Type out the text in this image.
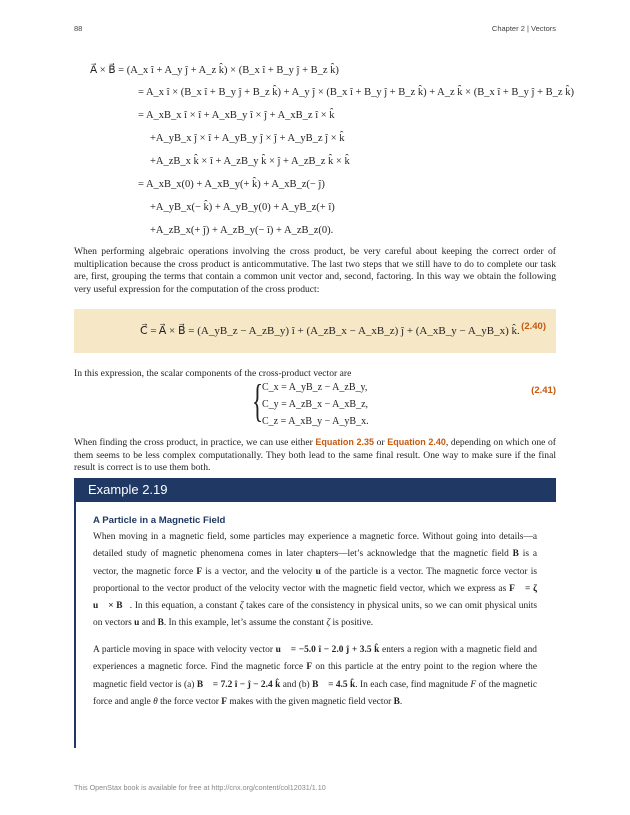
88	Chapter 2 | Vectors
A⃗ × B⃗ = (A_x î + A_y ĵ + A_z k̂) × (B_x î + B_y ĵ + B_z k̂)
= A_x î × (B_x î + B_y ĵ + B_z k̂) + A_y ĵ × (B_x î + B_y ĵ + B_z k̂) + A_z k̂ × (B_x î + B_y ĵ + B_z k̂)
= A_xB_x î × î + A_xB_y î × ĵ + A_xB_z î × k̂
+A_yB_x ĵ × î + A_yB_y ĵ × ĵ + A_yB_z ĵ × k̂
+A_zB_x k̂ × î + A_zB_y k̂ × ĵ + A_zB_z k̂ × k̂
= A_xB_x(0) + A_xB_y(+ k̂) + A_xB_z(− ĵ)
+A_yB_x(− k̂) + A_yB_y(0) + A_yB_z(+ î)
+A_zB_x(+ ĵ) + A_zB_y(− î) + A_zB_z(0).
When performing algebraic operations involving the cross product, be very careful about keeping the correct order of multiplication because the cross product is anticommutative. The last two steps that we still have to do to complete our task are, first, grouping the terms that contain a common unit vector and, second, factoring. In this way we obtain the following very useful expression for the computation of the cross product:
C⃗ = A⃗ × B⃗ = (A_yB_z − A_zB_y) î + (A_zB_x − A_xB_z) ĵ + (A_xB_y − A_yB_x) k̂. (2.40)
In this expression, the scalar components of the cross-product vector are
{
C_x = A_yB_z − A_zB_y,
C_y = A_zB_x − A_xB_z,
C_z = A_xB_y − A_yB_x.
(2.41)
When finding the cross product, in practice, we can use either Equation 2.35 or Equation 2.40, depending on which one of them seems to be less complex computationally. They both lead to the same final result. One way to make sure if the final result is correct is to use them both.
Example 2.19
A Particle in a Magnetic Field
When moving in a magnetic field, some particles may experience a magnetic force. Without going into details—a detailed study of magnetic phenomena comes in later chapters—let’s acknowledge that the magnetic field B is a vector, the magnetic force F is a vector, and the velocity u of the particle is a vector. The magnetic force vector is proportional to the vector product of the velocity vector with the magnetic field vector, which we express as F⃗ = ζ u⃗ × B⃗. In this equation, a constant ζ takes care of the consistency in physical units, so we can omit physical units on vectors u and B. In this example, let’s assume the constant ζ is positive.
A particle moving in space with velocity vector u⃗ = −5.0 î − 2.0 ĵ + 3.5 k̂ enters a region with a magnetic field and experiences a magnetic force. Find the magnetic force F on this particle at the entry point to the region where the magnetic field vector is (a) B⃗ = 7.2 î − ĵ − 2.4 k̂ and (b) B⃗ = 4.5 k̂. In each case, find magnitude F of the magnetic force and angle θ the force vector F makes with the given magnetic field vector B.
This OpenStax book is available for free at http://cnx.org/content/col12031/1.10
